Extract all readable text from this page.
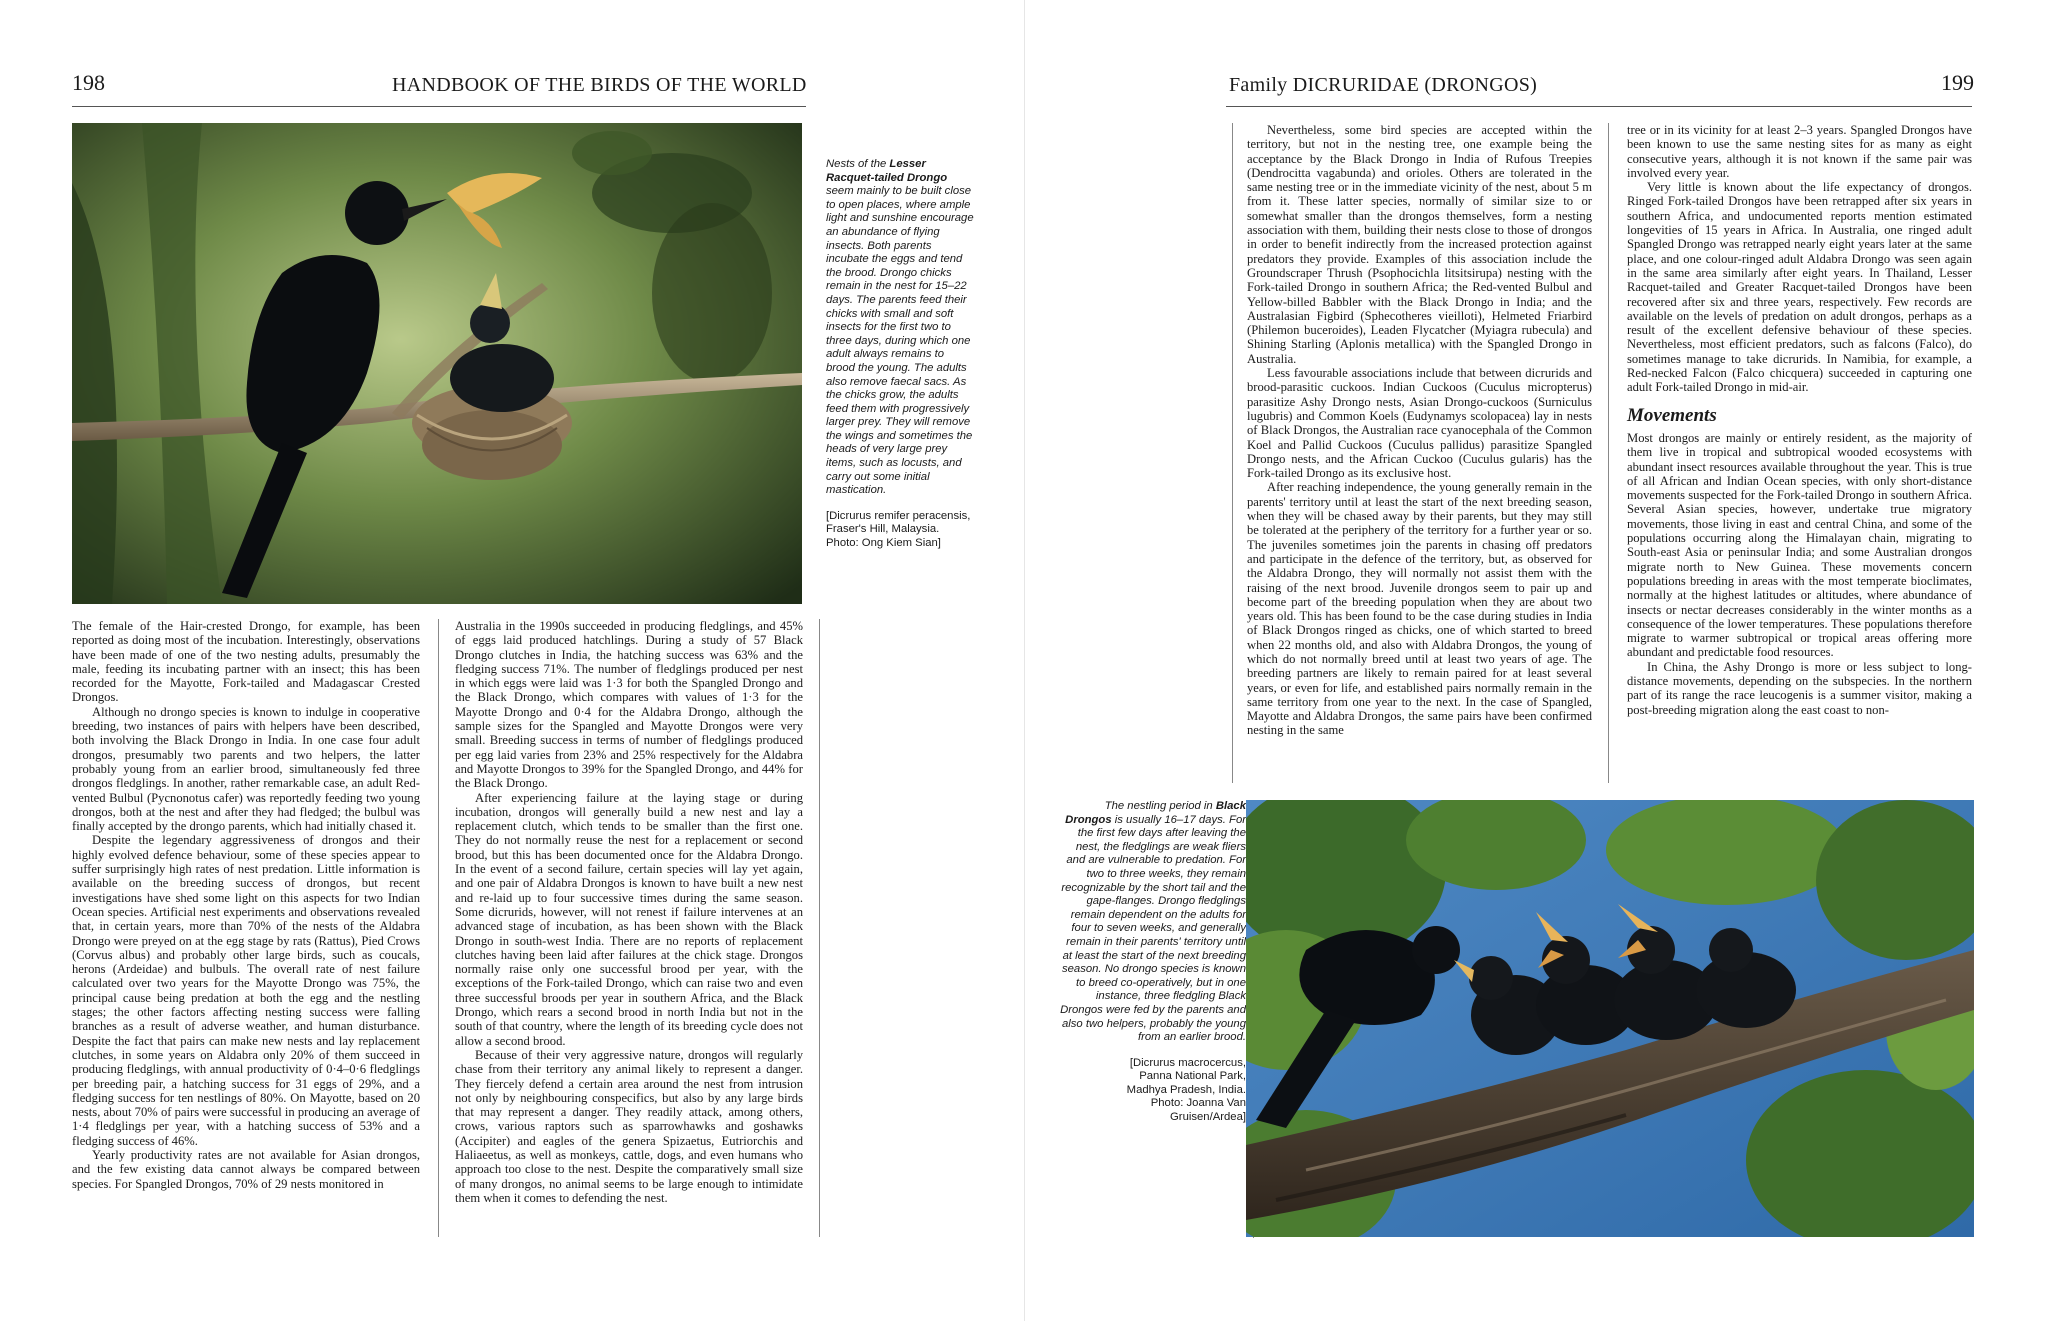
198	HANDBOOK OF THE BIRDS OF THE WORLD
Nests of the Lesser Racquet-tailed Drongo seem mainly to be built close to open places, where ample light and sunshine encourage an abundance of flying insects. Both parents incubate the eggs and tend the brood. Drongo chicks remain in the nest for 15–22 days. The parents feed their chicks with small and soft insects for the first two to three days, during which one adult always remains to brood the young. The adults also remove faecal sacs. As the chicks grow, the adults feed them with progressively larger prey. They will remove the wings and sometimes the heads of very large prey items, such as locusts, and carry out some initial mastication.
[Dicrurus remifer peracensis,
Fraser's Hill, Malaysia.
Photo: Ong Kiem Sian]

The female of the Hair-crested Drongo, for example, has been reported as doing most of the incubation. Interestingly, observations have been made of one of the two nesting adults, presumably the male, feeding its incubating partner with an insect; this has been recorded for the Mayotte, Fork-tailed and Madagascar Crested Drongos.

Although no drongo species is known to indulge in cooperative breeding, two instances of pairs with helpers have been described, both involving the Black Drongo in India. In one case four adult drongos, presumably two parents and two helpers, the latter probably young from an earlier brood, simultaneously fed three drongos fledglings. In another, rather remarkable case, an adult Red-vented Bulbul (Pycnonotus cafer) was reportedly feeding two young drongos, both at the nest and after they had fledged; the bulbul was finally accepted by the drongo parents, which had initially chased it.

Despite the legendary aggressiveness of drongos and their highly evolved defence behaviour, some of these species appear to suffer surprisingly high rates of nest predation. Little information is available on the breeding success of drongos, but recent investigations have shed some light on this aspects for two Indian Ocean species. Artificial nest experiments and observations revealed that, in certain years, more than 70% of the nests of the Aldabra Drongo were preyed on at the egg stage by rats (Rattus), Pied Crows (Corvus albus) and probably other large birds, such as coucals, herons (Ardeidae) and bulbuls. The overall rate of nest failure calculated over two years for the Mayotte Drongo was 75%, the principal cause being predation at both the egg and the nestling stages; the other factors affecting nesting success were falling branches as a result of adverse weather, and human disturbance. Despite the fact that pairs can make new nests and lay replacement clutches, in some years on Aldabra only 20% of them succeed in producing fledglings, with annual productivity of 0·4–0·6 fledglings per breeding pair, a hatching success for 31 eggs of 29%, and a fledging success for ten nestlings of 80%. On Mayotte, based on 20 nests, about 70% of pairs were successful in producing an average of 1·4 fledglings per year, with a hatching success of 53% and a fledging success of 46%.

Yearly productivity rates are not available for Asian drongos, and the few existing data cannot always be compared between species. For Spangled Drongos, 70% of 29 nests monitored in

Australia in the 1990s succeeded in producing fledglings, and 45% of eggs laid produced hatchlings. During a study of 57 Black Drongo clutches in India, the hatching success was 63% and the fledging success 71%. The number of fledglings produced per nest in which eggs were laid was 1·3 for both the Spangled Drongo and the Black Drongo, which compares with values of 1·3 for the Mayotte Drongo and 0·4 for the Aldabra Drongo, although the sample sizes for the Spangled and Mayotte Drongos were very small. Breeding success in terms of number of fledglings produced per egg laid varies from 23% and 25% respectively for the Aldabra and Mayotte Drongos to 39% for the Spangled Drongo, and 44% for the Black Drongo.

After experiencing failure at the laying stage or during incubation, drongos will generally build a new nest and lay a replacement clutch, which tends to be smaller than the first one. They do not normally reuse the nest for a replacement or second brood, but this has been documented once for the Aldabra Drongo. In the event of a second failure, certain species will lay yet again, and one pair of Aldabra Drongos is known to have built a new nest and re-laid up to four successive times during the same season. Some dicrurids, however, will not renest if failure intervenes at an advanced stage of incubation, as has been shown with the Black Drongo in south-west India. There are no reports of replacement clutches having been laid after failures at the chick stage. Drongos normally raise only one successful brood per year, with the exceptions of the Fork-tailed Drongo, which can raise two and even three successful broods per year in southern Africa, and the Black Drongo, which rears a second brood in north India but not in the south of that country, where the length of its breeding cycle does not allow a second brood.

Because of their very aggressive nature, drongos will regularly chase from their territory any animal likely to represent a danger. They fiercely defend a certain area around the nest from intrusion not only by neighbouring conspecifics, but also by any large birds that may represent a danger. They readily attack, among others, crows, various raptors such as sparrowhawks and goshawks (Accipiter) and eagles of the genera Spizaetus, Eutriorchis and Haliaeetus, as well as monkeys, cattle, dogs, and even humans who approach too close to the nest. Despite the comparatively small size of many drongos, no animal seems to be large enough to intimidate them when it comes to defending the nest.

Family DICRURIDAE (DRONGOS)	199

Nevertheless, some bird species are accepted within the territory, but not in the nesting tree, one example being the acceptance by the Black Drongo in India of Rufous Treepies (Dendrocitta vagabunda) and orioles. Others are tolerated in the same nesting tree or in the immediate vicinity of the nest, about 5 m from it. These latter species, normally of similar size to or somewhat smaller than the drongos themselves, form a nesting association with them, building their nests close to those of drongos in order to benefit indirectly from the increased protection against predators they provide. Examples of this association include the Groundscraper Thrush (Psophocichla litsitsirupa) nesting with the Fork-tailed Drongo in southern Africa; the Red-vented Bulbul and Yellow-billed Babbler with the Black Drongo in India; and the Australasian Figbird (Sphecotheres vieilloti), Helmeted Friarbird (Philemon buceroides), Leaden Flycatcher (Myiagra rubecula) and Shining Starling (Aplonis metallica) with the Spangled Drongo in Australia.

Less favourable associations include that between dicrurids and brood-parasitic cuckoos. Indian Cuckoos (Cuculus micropterus) parasitize Ashy Drongo nests, Asian Drongo-cuckoos (Surniculus lugubris) and Common Koels (Eudynamys scolopacea) lay in nests of Black Drongos, the Australian race cyanocephala of the Common Koel and Pallid Cuckoos (Cuculus pallidus) parasitize Spangled Drongo nests, and the African Cuckoo (Cuculus gularis) has the Fork-tailed Drongo as its exclusive host.

After reaching independence, the young generally remain in the parents' territory until at least the start of the next breeding season, when they will be chased away by their parents, but they may still be tolerated at the periphery of the territory for a further year or so. The juveniles sometimes join the parents in chasing off predators and participate in the defence of the territory, but, as observed for the Aldabra Drongo, they will normally not assist them with the raising of the next brood. Juvenile drongos seem to pair up and become part of the breeding population when they are about two years old. This has been found to be the case during studies in India of Black Drongos ringed as chicks, one of which started to breed when 22 months old, and also with Aldabra Drongos, the young of which do not normally breed until at least two years of age. The breeding partners are likely to remain paired for at least several years, or even for life, and established pairs normally remain in the same territory from one year to the next. In the case of Spangled, Mayotte and Aldabra Drongos, the same pairs have been confirmed nesting in the same

tree or in its vicinity for at least 2–3 years. Spangled Drongos have been known to use the same nesting sites for as many as eight consecutive years, although it is not known if the same pair was involved every year.

Very little is known about the life expectancy of drongos. Ringed Fork-tailed Drongos have been retrapped after six years in southern Africa, and undocumented reports mention estimated longevities of 15 years in Africa. In Australia, one ringed adult Spangled Drongo was retrapped nearly eight years later at the same place, and one colour-ringed adult Aldabra Drongo was seen again in the same area similarly after eight years. In Thailand, Lesser Racquet-tailed and Greater Racquet-tailed Drongos have been recovered after six and three years, respectively. Few records are available on the levels of predation on adult drongos, perhaps as a result of the excellent defensive behaviour of these species. Nevertheless, most efficient predators, such as falcons (Falco), do sometimes manage to take dicrurids. In Namibia, for example, a Red-necked Falcon (Falco chicquera) succeeded in capturing one adult Fork-tailed Drongo in mid-air.

Movements

Most drongos are mainly or entirely resident, as the majority of them live in tropical and subtropical wooded ecosystems with abundant insect resources available throughout the year. This is true of all African and Indian Ocean species, with only short-distance movements suspected for the Fork-tailed Drongo in southern Africa. Several Asian species, however, undertake true migratory movements, those living in east and central China, and some of the populations occurring along the Himalayan chain, migrating to South-east Asia or peninsular India; and some Australian drongos migrate north to New Guinea. These movements concern populations breeding in areas with the most temperate bioclimates, normally at the highest latitudes or altitudes, where abundance of insects or nectar decreases considerably in the winter months as a consequence of the lower temperatures. These populations therefore migrate to warmer subtropical or tropical areas offering more abundant and predictable food resources.

In China, the Ashy Drongo is more or less subject to long-distance movements, depending on the subspecies. In the northern part of its range the race leucogenis is a summer visitor, making a post-breeding migration along the east coast to non-

The nestling period in Black Drongos is usually 16–17 days. For the first few days after leaving the nest, the fledglings are weak fliers and are vulnerable to predation. For two to three weeks, they remain recognizable by the short tail and the gape-flanges. Drongo fledglings remain dependent on the adults for four to seven weeks, and generally remain in their parents' territory until at least the start of the next breeding season. No drongo species is known to breed co-operatively, but in one instance, three fledgling Black Drongos were fed by the parents and also two helpers, probably the young from an earlier brood.
[Dicrurus macrocercus,
Panna National Park,
Madhya Pradesh, India.
Photo: Joanna Van
Gruisen/Ardea]
